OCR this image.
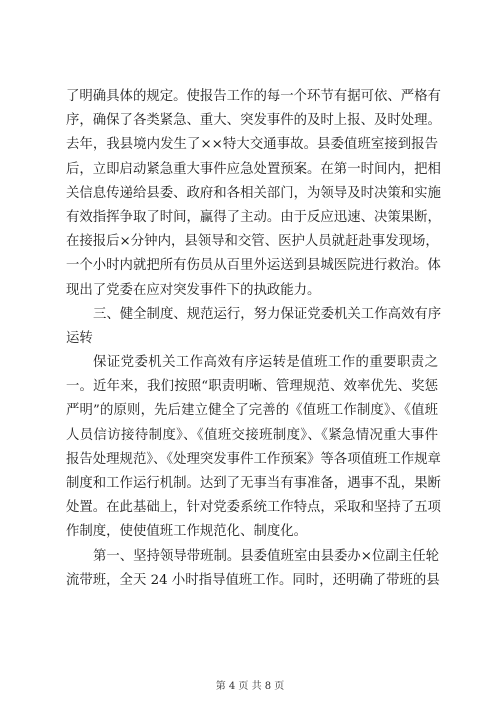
了明确具体的规定。使报告工作的每一个环节有据可依、严格有
序，确保了各类紧急、重大、突发事件的及时上报、及时处理。
去年，我县境内发生了××特大交通事故。县委值班室接到报告
后，立即启动紧急重大事件应急处置预案。在第一时间内，把相
关信息传递给县委、政府和各相关部门，为领导及时决策和实施
有效指挥争取了时间，赢得了主动。由于反应迅速、决策果断，
在接报后×分钟内，县领导和交管、医护人员就赶赴事发现场，
一个小时内就把所有伤员从百里外运送到县城医院进行救治。体
现出了党委在应对突发事件下的执政能力。
三、健全制度、规范运行，努力保证党委机关工作高效有序
运转
保证党委机关工作高效有序运转是值班工作的重要职责之
一。近年来，我们按照“职责明晰、管理规范、效率优先、奖惩
严明”的原则，先后建立健全了完善的《值班工作制度》、《值班
人员信访接待制度》、《值班交接班制度》、《紧急情况重大事件
报告处理规范》、《处理突发事件工作预案》等各项值班工作规章
制度和工作运行机制。达到了无事当有事准备，遇事不乱，果断
处置。在此基础上，针对党委系统工作特点，采取和坚持了五项
作制度，使使值班工作规范化、制度化。
第一、坚持领导带班制。县委值班室由县委办×位副主任轮
流带班，全天 24 小时指导值班工作。同时，还明确了带班的县
第 4 页 共 8 页
